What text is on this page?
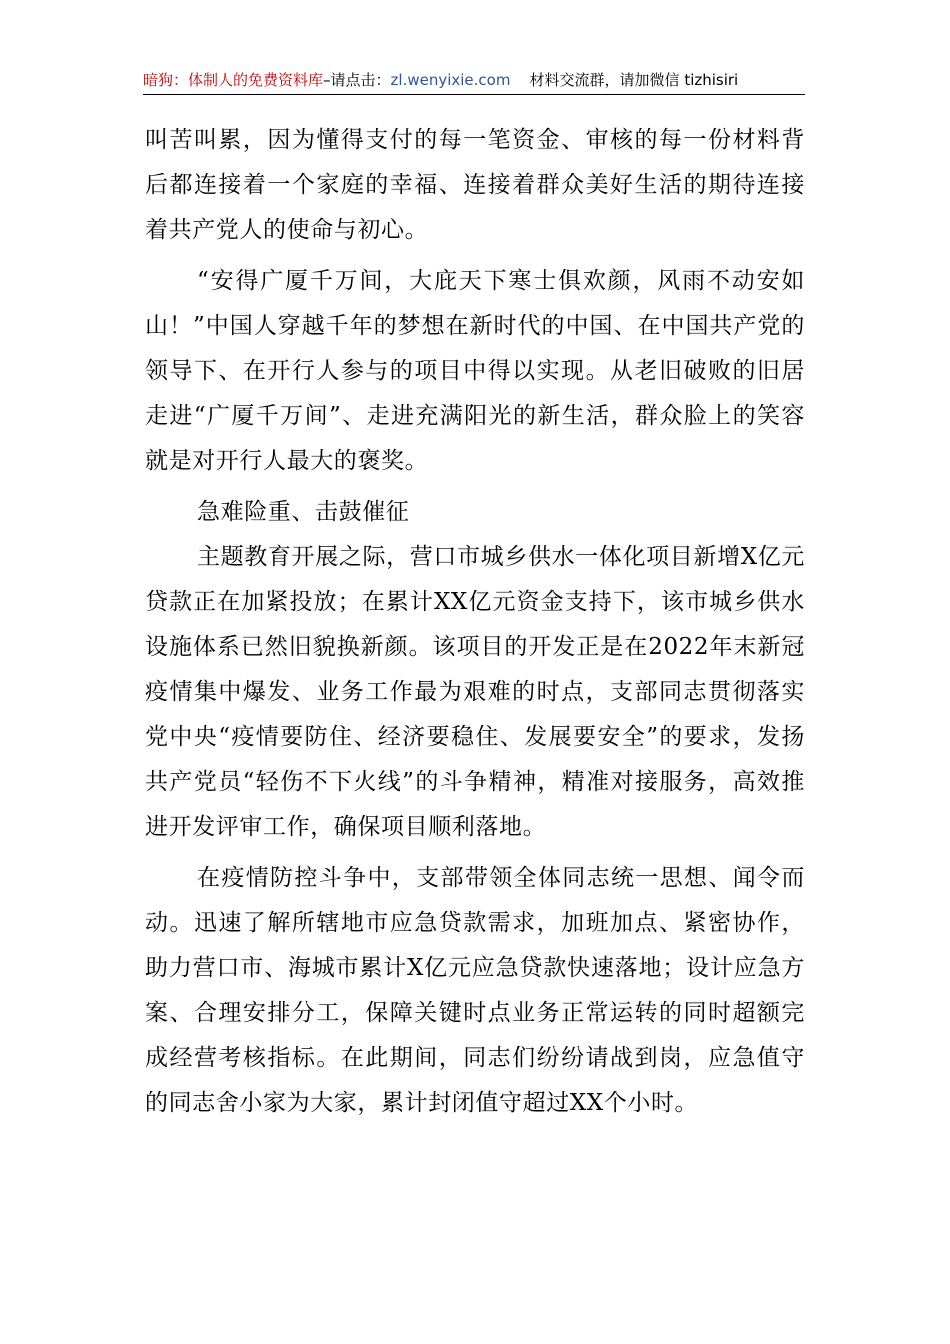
暗狗：体制人的免费资料库–请点击：zl.wenyixie.com 材料交流群，请加微信 tizhisiri

叫苦叫累，因为懂得支付的每一笔资金、审核的每一份材料背后都连接着一个家庭的幸福、连接着群众美好生活的期待连接着共产党人的使命与初心。

“安得广厦千万间，大庇天下寒士俱欢颜，风雨不动安如山！”中国人穿越千年的梦想在新时代的中国、在中国共产党的领导下、在开行人参与的项目中得以实现。从老旧破败的旧居走进“广厦千万间”、走进充满阳光的新生活，群众脸上的笑容就是对开行人最大的褒奖。

急难险重、击鼓催征

主题教育开展之际，营口市城乡供水一体化项目新增X亿元贷款正在加紧投放；在累计XX亿元资金支持下，该市城乡供水设施体系已然旧貌换新颜。该项目的开发正是在2022年末新冠疫情集中爆发、业务工作最为艰难的时点，支部同志贯彻落实党中央“疫情要防住、经济要稳住、发展要安全”的要求，发扬共产党员“轻伤不下火线”的斗争精神，精准对接服务，高效推进开发评审工作，确保项目顺利落地。

在疫情防控斗争中，支部带领全体同志统一思想、闻令而动。迅速了解所辖地市应急贷款需求，加班加点、紧密协作，助力营口市、海城市累计X亿元应急贷款快速落地；设计应急方案、合理安排分工，保障关键时点业务正常运转的同时超额完成经营考核指标。在此期间，同志们纷纷请战到岗，应急值守的同志舍小家为大家，累计封闭值守超过XX个小时。
